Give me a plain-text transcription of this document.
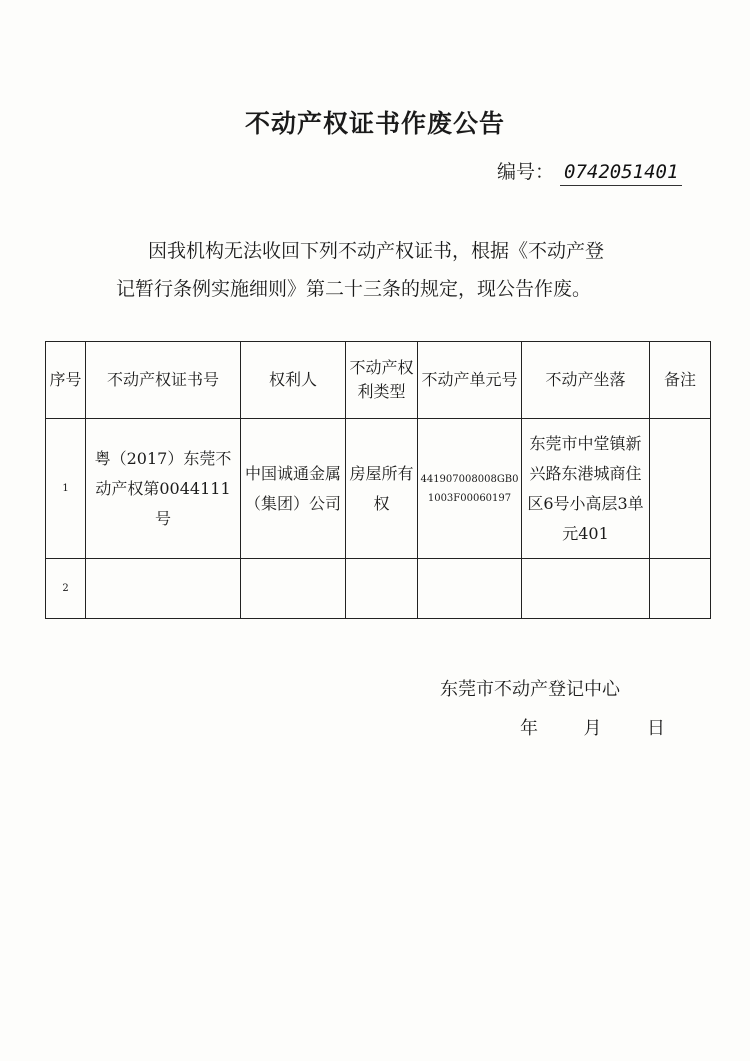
不动产权证书作废公告
编号： 0742051401
因我机构无法收回下列不动产权证书，根据《不动产登
记暂行条例实施细则》第二十三条的规定，现公告作废。
序号	不动产权证书号	权利人	不动产权利类型	不动产单元号	不动产坐落	备注
1	粤（2017）东莞不动产权第0044111号	中国诚通金属（集团）公司	房屋所有权	441907008008GB01003F00060197	东莞市中堂镇新兴路东港城商住区6号小高层3单元401	
2						
东莞市不动产登记中心
年	月	日
